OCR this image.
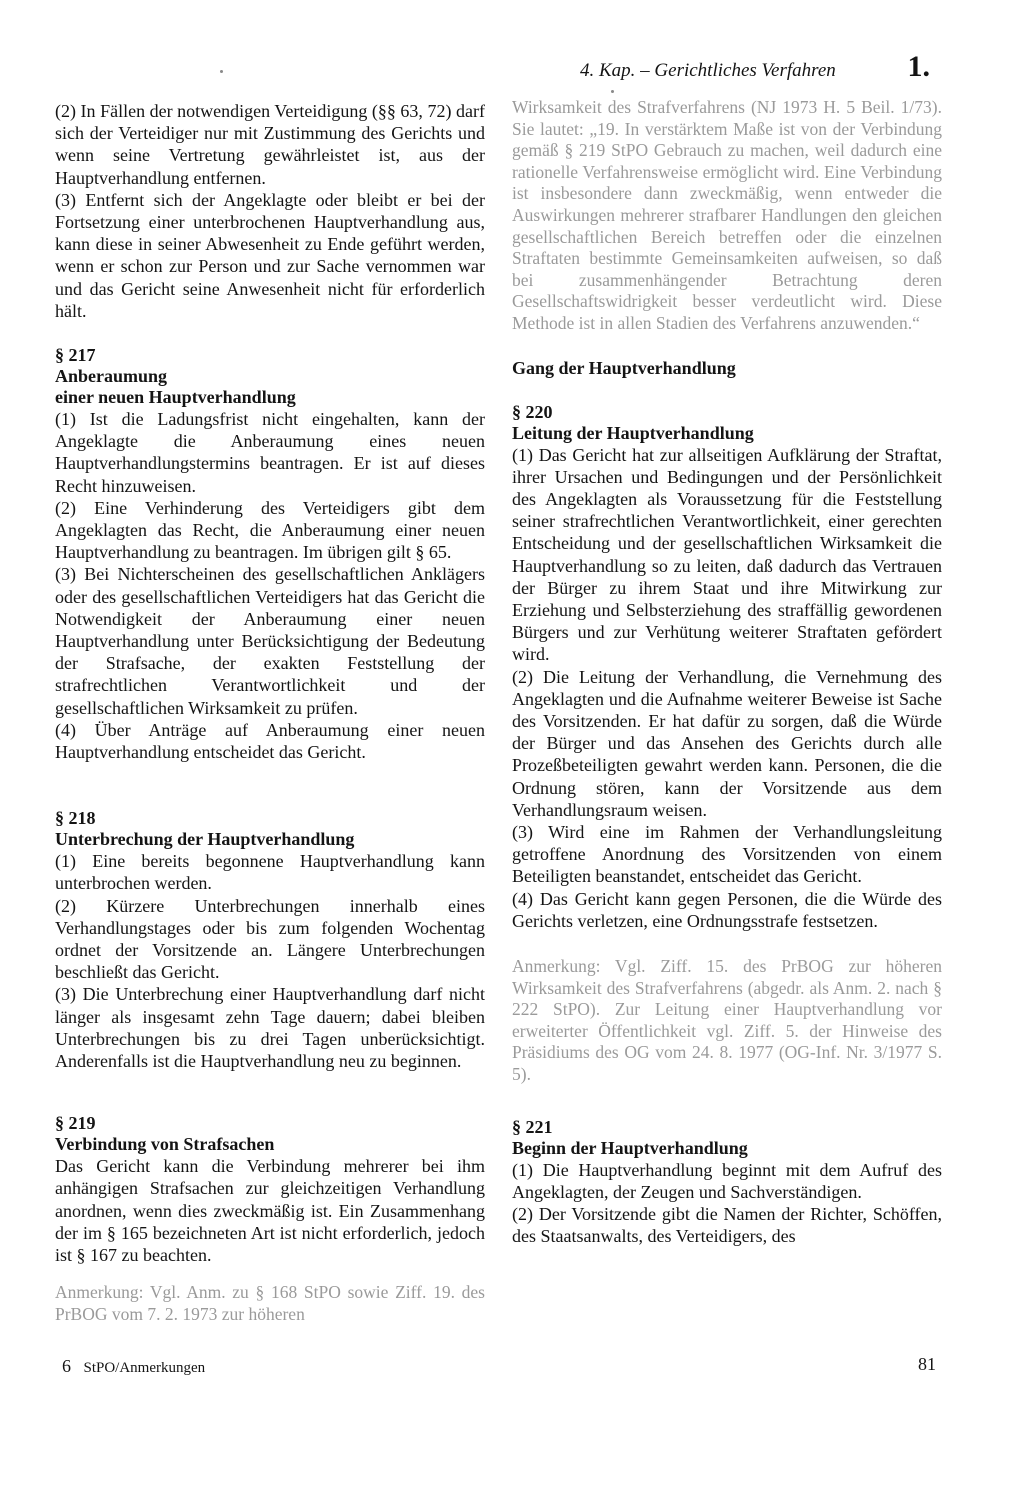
4. Kap. – Gerichtliches Verfahren 1.

(2) In Fällen der notwendigen Verteidigung (§§ 63, 72) darf sich der Verteidiger nur mit Zustimmung des Gerichts und wenn seine Vertretung gewährleistet ist, aus der Hauptverhandlung entfernen.

(3) Entfernt sich der Angeklagte oder bleibt er bei der Fortsetzung einer unterbrochenen Hauptverhandlung aus, kann diese in seiner Abwesenheit zu Ende geführt werden, wenn er schon zur Person und zur Sache vernommen war und das Gericht seine Anwesenheit nicht für erforderlich hält.

§ 217

Anberaumung

einer neuen Hauptverhandlung

(1) Ist die Ladungsfrist nicht eingehalten, kann der Angeklagte die Anberaumung eines neuen Hauptverhandlungstermins beantragen. Er ist auf dieses Recht hinzuweisen.

(2) Eine Verhinderung des Verteidigers gibt dem Angeklagten das Recht, die Anberaumung einer neuen Hauptverhandlung zu beantragen. Im übrigen gilt § 65.

(3) Bei Nichterscheinen des gesellschaftlichen Anklägers oder des gesellschaftlichen Verteidigers hat das Gericht die Notwendigkeit der Anberaumung einer neuen Hauptverhandlung unter Berücksichtigung der Bedeutung der Strafsache, der exakten Feststellung der strafrechtlichen Verantwortlichkeit und der gesellschaftlichen Wirksamkeit zu prüfen.

(4) Über Anträge auf Anberaumung einer neuen Hauptverhandlung entscheidet das Gericht.

§ 218

Unterbrechung der Hauptverhandlung

(1) Eine bereits begonnene Hauptverhandlung kann unterbrochen werden.

(2) Kürzere Unterbrechungen innerhalb eines Verhandlungstages oder bis zum folgenden Wochentag ordnet der Vorsitzende an. Längere Unterbrechungen beschließt das Gericht.

(3) Die Unterbrechung einer Hauptverhandlung darf nicht länger als insgesamt zehn Tage dauern; dabei bleiben Unterbrechungen bis zu drei Tagen unberücksichtigt. Anderenfalls ist die Hauptverhandlung neu zu beginnen.

§ 219

Verbindung von Strafsachen

Das Gericht kann die Verbindung mehrerer bei ihm anhängigen Strafsachen zur gleichzeitigen Verhandlung anordnen, wenn dies zweckmäßig ist. Ein Zusammenhang der im § 165 bezeichneten Art ist nicht erforderlich, jedoch ist § 167 zu beachten.

Anmerkung: Vgl. Anm. zu § 168 StPO sowie Ziff. 19. des PrBOG vom 7. 2. 1973 zur höheren

Wirksamkeit des Strafverfahrens (NJ 1973 H. 5 Beil. 1/73). Sie lautet: „19. In verstärktem Maße ist von der Verbindung gemäß § 219 StPO Gebrauch zu machen, weil dadurch eine rationelle Verfahrensweise ermöglicht wird. Eine Verbindung ist insbesondere dann zweckmäßig, wenn entweder die Auswirkungen mehrerer strafbarer Handlungen den gleichen gesellschaftlichen Bereich betreffen oder die einzelnen Straftaten bestimmte Gemeinsamkeiten aufweisen, so daß bei zusammenhängender Betrachtung deren Gesellschaftswidrigkeit besser verdeutlicht wird. Diese Methode ist in allen Stadien des Verfahrens anzuwenden.“

Gang der Hauptverhandlung

§ 220

Leitung der Hauptverhandlung

(1) Das Gericht hat zur allseitigen Aufklärung der Straftat, ihrer Ursachen und Bedingungen und der Persönlichkeit des Angeklagten als Voraussetzung für die Feststellung seiner strafrechtlichen Verantwortlichkeit, einer gerechten Entscheidung und der gesellschaftlichen Wirksamkeit die Hauptverhandlung so zu leiten, daß dadurch das Vertrauen der Bürger zu ihrem Staat und ihre Mitwirkung zur Erziehung und Selbsterziehung des straffällig gewordenen Bürgers und zur Verhütung weiterer Straftaten gefördert wird.

(2) Die Leitung der Verhandlung, die Vernehmung des Angeklagten und die Aufnahme weiterer Beweise ist Sache des Vorsitzenden. Er hat dafür zu sorgen, daß die Würde der Bürger und das Ansehen des Gerichts durch alle Prozeßbeteiligten gewahrt werden kann. Personen, die die Ordnung stören, kann der Vorsitzende aus dem Verhandlungsraum weisen.

(3) Wird eine im Rahmen der Verhandlungsleitung getroffene Anordnung des Vorsitzenden von einem Beteiligten beanstandet, entscheidet das Gericht.

(4) Das Gericht kann gegen Personen, die die Würde des Gerichts verletzen, eine Ordnungsstrafe festsetzen.

Anmerkung: Vgl. Ziff. 15. des PrBOG zur höheren Wirksamkeit des Strafverfahrens (abgedr. als Anm. 2. nach § 222 StPO). Zur Leitung einer Hauptverhandlung vor erweiterter Öffentlichkeit vgl. Ziff. 5. der Hinweise des Präsidiums des OG vom 24. 8. 1977 (OG-Inf. Nr. 3/1977 S. 5).

§ 221

Beginn der Hauptverhandlung

(1) Die Hauptverhandlung beginnt mit dem Aufruf des Angeklagten, der Zeugen und Sachverständigen.

(2) Der Vorsitzende gibt die Namen der Richter, Schöffen, des Staatsanwalts, des Verteidigers, des

6 StPO/Anmerkungen	81
